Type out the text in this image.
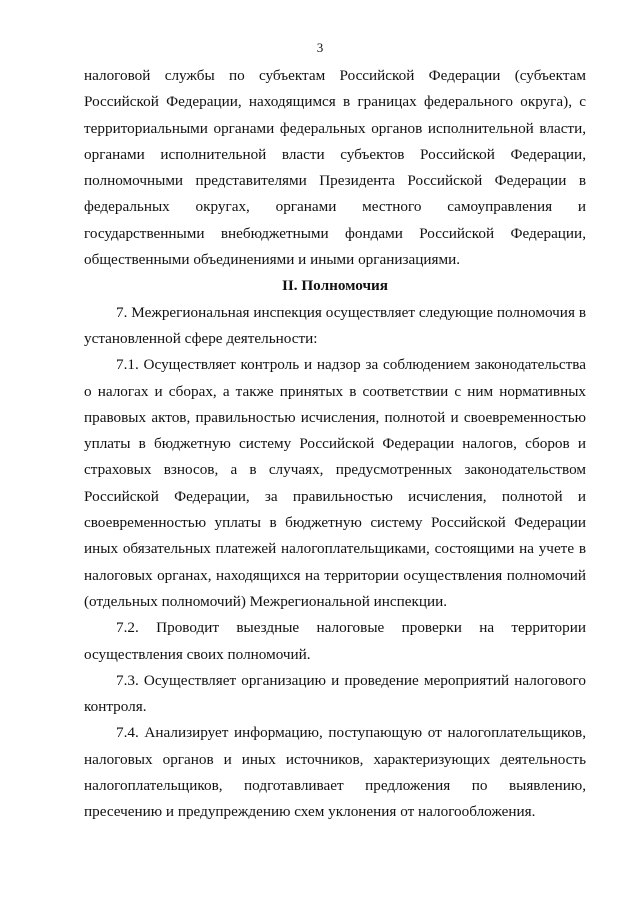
3

налоговой службы по субъектам Российской Федерации (субъектам Российской Федерации, находящимся в границах федерального округа), с территориальными органами федеральных органов исполнительной власти, органами исполнительной власти субъектов Российской Федерации, полномочными представителями Президента Российской Федерации в федеральных округах, органами местного самоуправления и государственными внебюджетными фондами Российской Федерации, общественными объединениями и иными организациями.

II. Полномочия

7. Межрегиональная инспекция осуществляет следующие полномочия в установленной сфере деятельности:

7.1. Осуществляет контроль и надзор за соблюдением законодательства о налогах и сборах, а также принятых в соответствии с ним нормативных правовых актов, правильностью исчисления, полнотой и своевременностью уплаты в бюджетную систему Российской Федерации налогов, сборов и страховых взносов, а в случаях, предусмотренных законодательством Российской Федерации, за правильностью исчисления, полнотой и своевременностью уплаты в бюджетную систему Российской Федерации иных обязательных платежей налогоплательщиками, состоящими на учете в налоговых органах, находящихся на территории осуществления полномочий (отдельных полномочий) Межрегиональной инспекции.

7.2. Проводит выездные налоговые проверки на территории осуществления своих полномочий.

7.3. Осуществляет организацию и проведение мероприятий налогового контроля.

7.4. Анализирует информацию, поступающую от налогоплательщиков, налоговых органов и иных источников, характеризующих деятельность налогоплательщиков, подготавливает предложения по выявлению, пресечению и предупреждению схем уклонения от налогообложения.
